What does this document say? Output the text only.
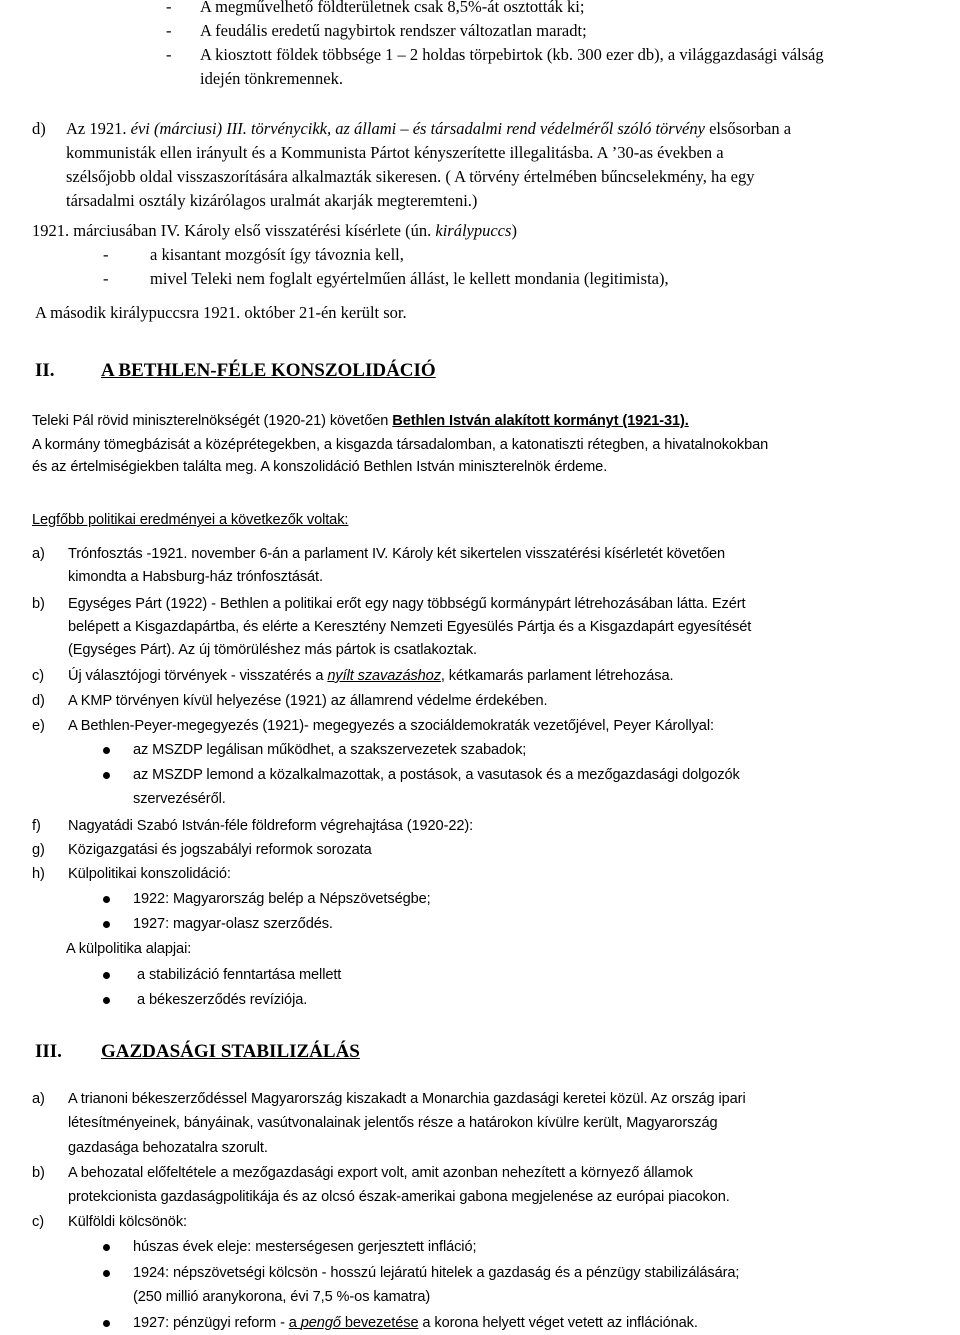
- A megművelhető földterületnek csak 8,5%-át osztották ki;
- A feudális eredetű nagybirtok rendszer változatlan maradt;
- A kiosztott földek többsége 1 – 2 holdas törpebirtok (kb. 300 ezer db), a világgazdasági válság
idején tönkremennek.
d) Az 1921. évi (márciusi) III. törvénycikk, az állami – és társadalmi rend védelméről szóló törvény elsősorban a
kommunisták ellen irányult és a Kommunista Pártot kényszerítette illegalitásba. A ’30-as években a
szélsőjobb oldal visszaszorítására alkalmazták sikeresen. ( A törvény értelmében bűncselekmény, ha egy
társadalmi osztály kizárólagos uralmát akarják megteremteni.)
1921. márciusában IV. Károly első visszatérési kísérlete (ún. királypuccs)
-	a kisantant mozgósít így távoznia kell,
-	mivel Teleki nem foglalt egyértelműen állást, le kellett mondania (legitimista),
A második királypuccsra 1921. október 21-én került sor.
II. A BETHLEN-FÉLE KONSZOLIDÁCIÓ
Teleki Pál rövid miniszterelnökségét (1920-21) követően Bethlen István alakított kormányt (1921-31).
A kormány tömegbázisát a középrétegekben, a kisgazda társadalomban, a katonatiszti rétegben, a hivatalnokokban
és az értelmiségiekben találta meg. A konszolidáció Bethlen István miniszterelnök érdeme.
Legfőbb politikai eredményei a következők voltak:
a) Trónfosztás -1921. november 6-án a parlament IV. Károly két sikertelen visszatérési kísérletét követően
kimondta a Habsburg-ház trónfosztását.
b) Egységes Párt (1922) - Bethlen a politikai erőt egy nagy többségű kormánypárt létrehozásában látta. Ezért
belépett a Kisgazdapártba, és elérte a Keresztény Nemzeti Egyesülés Pártja és a Kisgazdapárt egyesítését
(Egységes Párt). Az új tömörüléshez más pártok is csatlakoztak.
c) Új választójogi törvények - visszatérés a nyílt szavazáshoz, kétkamarás parlament létrehozása.
d) A KMP törvényen kívül helyezése (1921) az államrend védelme érdekében.
e) A Bethlen-Peyer-megegyezés (1921)- megegyezés a szociáldemokraták vezetőjével, Peyer Károllyal:
az MSZDP legálisan működhet, a szakszervezetek szabadok;
az MSZDP lemond a közalkalmazottak, a postások, a vasutasok és a mezőgazdasági dolgozók
szervezéséről.
f) Nagyatádi Szabó István-féle földreform végrehajtása (1920-22):
g) Közigazgatási és jogszabályi reformok sorozata
h) Külpolitikai konszolidáció:
1922: Magyarország belép a Népszövetségbe;
1927: magyar-olasz szerződés.
A külpolitika alapjai:
a stabilizáció fenntartása mellett
a békeszerződés revíziója.
III. GAZDASÁGI STABILIZÁLÁS
a) A trianoni békeszerződéssel Magyarország kiszakadt a Monarchia gazdasági keretei közül. Az ország ipari
létesítményeinek, bányáinak, vasútvonalainak jelentős része a határokon kívülre került, Magyarország
gazdasága behozatalra szorult.
b) A behozatal előfeltétele a mezőgazdasági export volt, amit azonban nehezített a környező államok
protekcionista gazdaságpolitikája és az olcsó észak-amerikai gabona megjelenése az európai piacokon.
c) Külföldi kölcsönök:
húszas évek eleje: mesterségesen gerjesztett infláció;
1924: népszövetségi kölcsön - hosszú lejáratú hitelek a gazdaság és a pénzügy stabilizálására;
(250 millió aranykorona, évi 7,5 %-os kamatra)
1927: pénzügyi reform - a pengő bevezetése a korona helyett véget vetett az inflációnak.
